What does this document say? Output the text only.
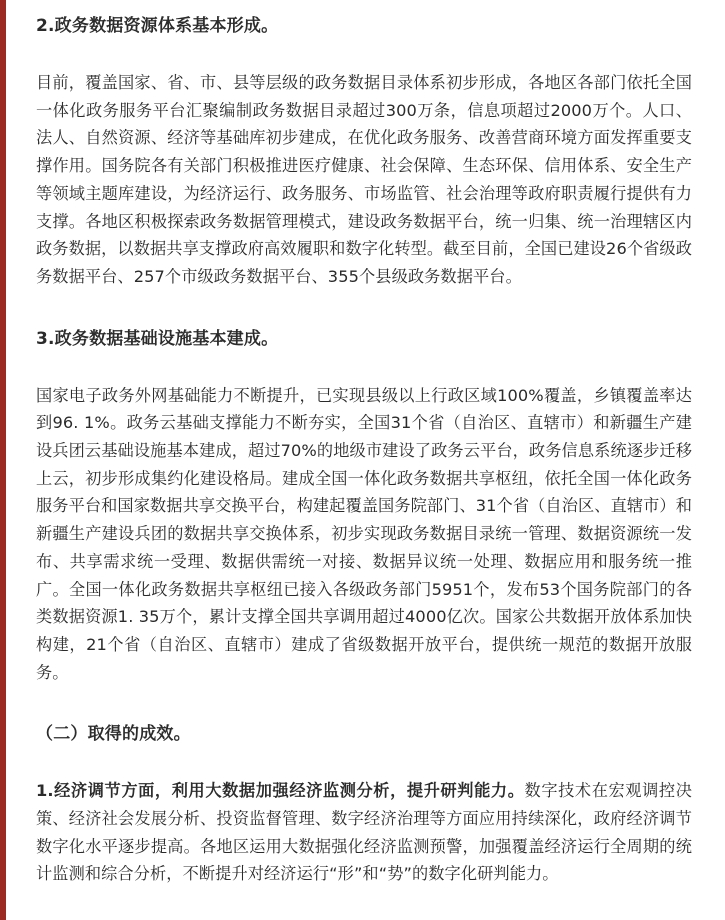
2.政务数据资源体系基本形成。

目前，覆盖国家、省、市、县等层级的政务数据目录体系初步形成，各地区各部门依托全国一体化政务服务平台汇聚编制政务数据目录超过300万条，信息项超过2000万个。人口、法人、自然资源、经济等基础库初步建成，在优化政务服务、改善营商环境方面发挥重要支撑作用。国务院各有关部门积极推进医疗健康、社会保障、生态环保、信用体系、安全生产等领域主题库建设，为经济运行、政务服务、市场监管、社会治理等政府职责履行提供有力支撑。各地区积极探索政务数据管理模式，建设政务数据平台，统一归集、统一治理辖区内政务数据，以数据共享支撑政府高效履职和数字化转型。截至目前，全国已建设26个省级政务数据平台、257个市级政务数据平台、355个县级政务数据平台。

3.政务数据基础设施基本建成。

国家电子政务外网基础能力不断提升，已实现县级以上行政区域100%覆盖，乡镇覆盖率达到96. 1%。政务云基础支撑能力不断夯实，全国31个省（自治区、直辖市）和新疆生产建设兵团云基础设施基本建成，超过70%的地级市建设了政务云平台，政务信息系统逐步迁移上云，初步形成集约化建设格局。建成全国一体化政务数据共享枢纽，依托全国一体化政务服务平台和国家数据共享交换平台，构建起覆盖国务院部门、31个省（自治区、直辖市）和新疆生产建设兵团的数据共享交换体系，初步实现政务数据目录统一管理、数据资源统一发布、共享需求统一受理、数据供需统一对接、数据异议统一处理、数据应用和服务统一推广。全国一体化政务数据共享枢纽已接入各级政务部门5951个，发布53个国务院部门的各类数据资源1. 35万个，累计支撑全国共享调用超过4000亿次。国家公共数据开放体系加快构建，21个省（自治区、直辖市）建成了省级数据开放平台，提供统一规范的数据开放服务。

（二）取得的成效。

1.经济调节方面，利用大数据加强经济监测分析，提升研判能力。数字技术在宏观调控决策、经济社会发展分析、投资监督管理、数字经济治理等方面应用持续深化，政府经济调节数字化水平逐步提高。各地区运用大数据强化经济监测预警，加强覆盖经济运行全周期的统计监测和综合分析，不断提升对经济运行“形”和“势”的数字化研判能力。
